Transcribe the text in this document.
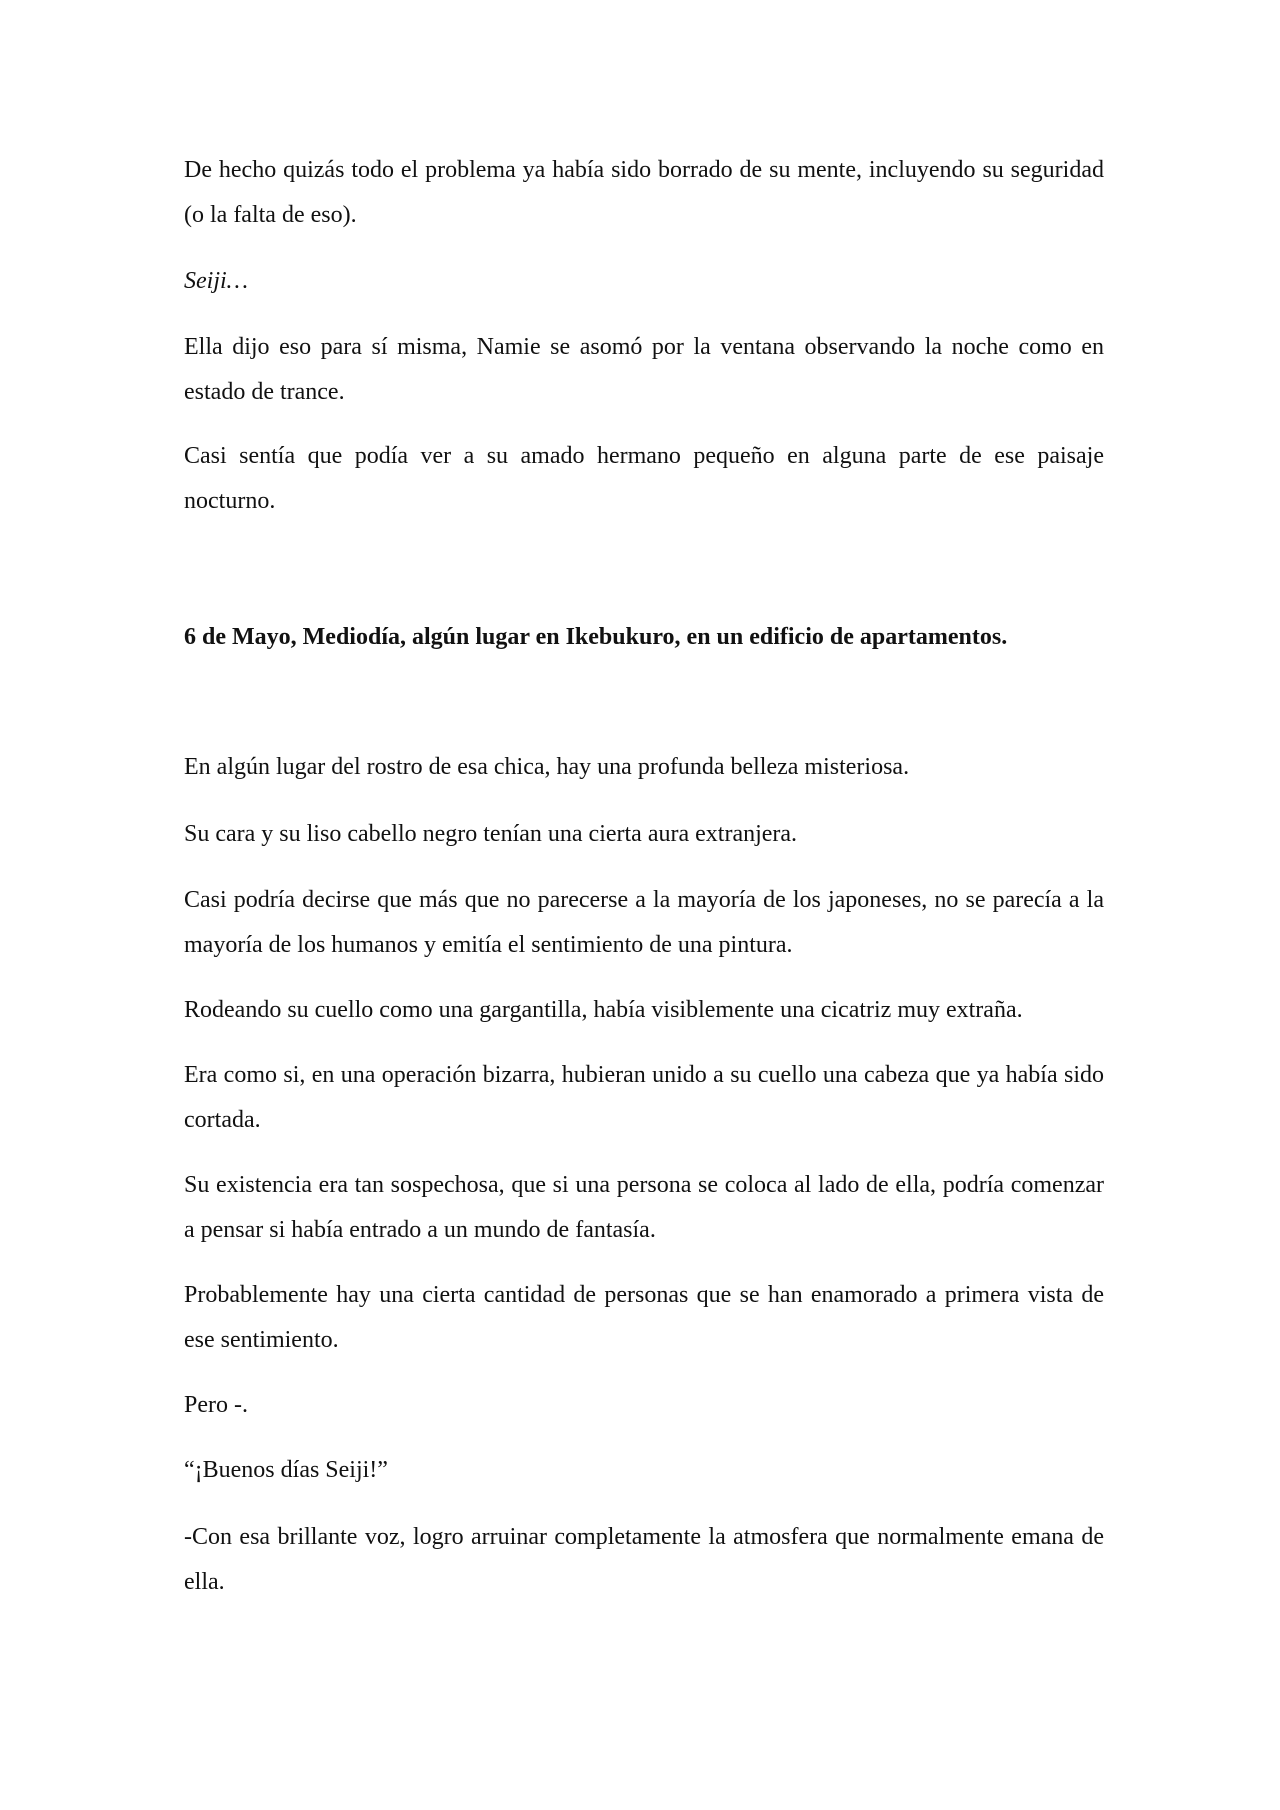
De hecho quizás todo el problema ya había sido borrado de su mente, incluyendo su seguridad (o la falta de eso).

Seiji…

Ella dijo eso para sí misma, Namie se asomó por la ventana observando la noche como en estado de trance.

Casi sentía que podía ver a su amado hermano pequeño en alguna parte de ese paisaje nocturno.

6 de Mayo, Mediodía, algún lugar en Ikebukuro, en un edificio de apartamentos.

En algún lugar del rostro de esa chica, hay una profunda belleza misteriosa.

Su cara y su liso cabello negro tenían una cierta aura extranjera.

Casi podría decirse que más que no parecerse a la mayoría de los japoneses, no se parecía a la mayoría de los humanos y emitía el sentimiento de una pintura.

Rodeando su cuello como una gargantilla, había visiblemente una cicatriz muy extraña.

Era como si, en una operación bizarra, hubieran unido a su cuello una cabeza que ya había sido cortada.

Su existencia era tan sospechosa, que si una persona se coloca al lado de ella, podría comenzar a pensar si había entrado a un mundo de fantasía.

Probablemente hay una cierta cantidad de personas que se han enamorado a primera vista de ese sentimiento.

Pero -.

“¡Buenos días Seiji!”

-Con esa brillante voz, logro arruinar completamente la atmosfera que normalmente emana de ella.
